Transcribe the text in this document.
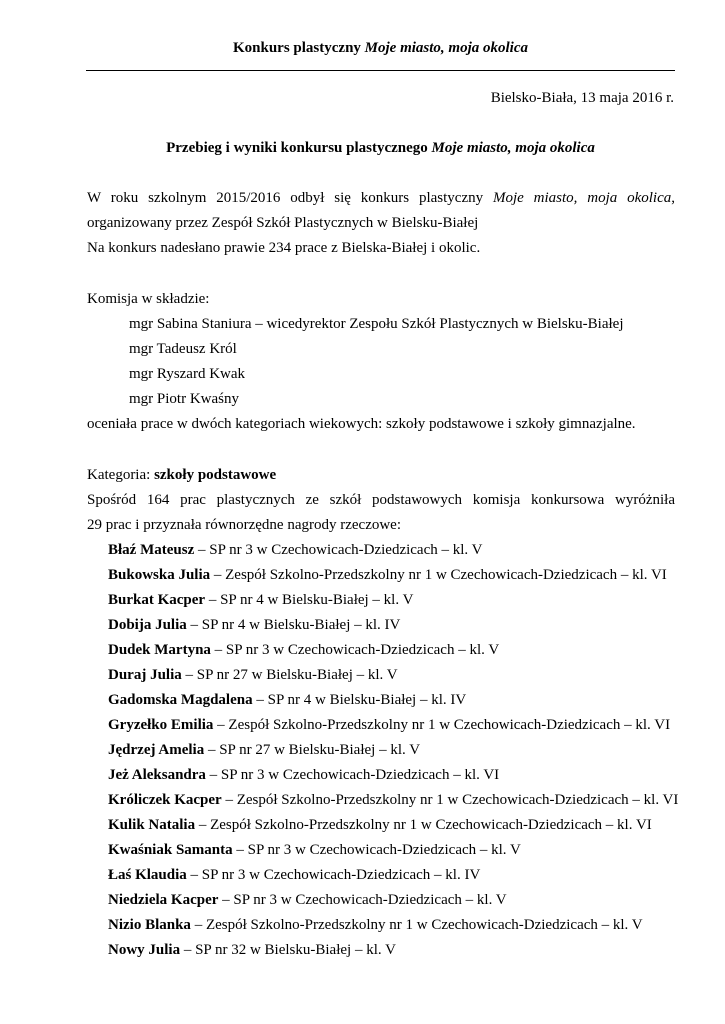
Konkurs plastyczny Moje miasto, moja okolica
Bielsko-Biała, 13 maja 2016 r.
Przebieg i wyniki konkursu plastycznego Moje miasto, moja okolica
W roku szkolnym 2015/2016 odbył się konkurs plastyczny Moje miasto, moja okolica,
organizowany przez Zespół Szkół Plastycznych w Bielsku-Białej
Na konkurs nadesłano prawie 234 prace z Bielska-Białej i okolic.
Komisja w składzie:
mgr Sabina Staniura – wicedyrektor Zespołu Szkół Plastycznych w Bielsku-Białej
mgr Tadeusz Król
mgr Ryszard Kwak
mgr Piotr Kwaśny
oceniała prace w dwóch kategoriach wiekowych: szkoły podstawowe i szkoły gimnazjalne.
Kategoria: szkoły podstawowe
Spośród 164 prac plastycznych ze szkół podstawowych komisja konkursowa wyróżniła
29 prac i przyznała równorzędne nagrody rzeczowe:
Błaź Mateusz – SP nr 3 w Czechowicach-Dziedzicach – kl. V
Bukowska Julia – Zespół Szkolno-Przedszkolny nr 1 w Czechowicach-Dziedzicach – kl. VI
Burkat Kacper – SP nr 4 w Bielsku-Białej – kl. V
Dobija Julia – SP nr 4 w Bielsku-Białej – kl. IV
Dudek Martyna – SP nr 3 w Czechowicach-Dziedzicach – kl. V
Duraj Julia – SP nr 27 w Bielsku-Białej – kl. V
Gadomska Magdalena – SP nr 4 w Bielsku-Białej – kl. IV
Gryzełko Emilia – Zespół Szkolno-Przedszkolny nr 1 w Czechowicach-Dziedzicach – kl. VI
Jędrzej Amelia – SP nr 27 w Bielsku-Białej – kl. V
Jeż Aleksandra – SP nr 3 w Czechowicach-Dziedzicach – kl. VI
Króliczek Kacper – Zespół Szkolno-Przedszkolny nr 1 w Czechowicach-Dziedzicach – kl. VI
Kulik Natalia – Zespół Szkolno-Przedszkolny nr 1 w Czechowicach-Dziedzicach – kl. VI
Kwaśniak Samanta – SP nr 3 w Czechowicach-Dziedzicach – kl. V
Łaś Klaudia – SP nr 3 w Czechowicach-Dziedzicach – kl. IV
Niedziela Kacper – SP nr 3 w Czechowicach-Dziedzicach – kl. V
Nizio Blanka – Zespół Szkolno-Przedszkolny nr 1 w Czechowicach-Dziedzicach – kl. V
Nowy Julia – SP nr 32 w Bielsku-Białej – kl. V
